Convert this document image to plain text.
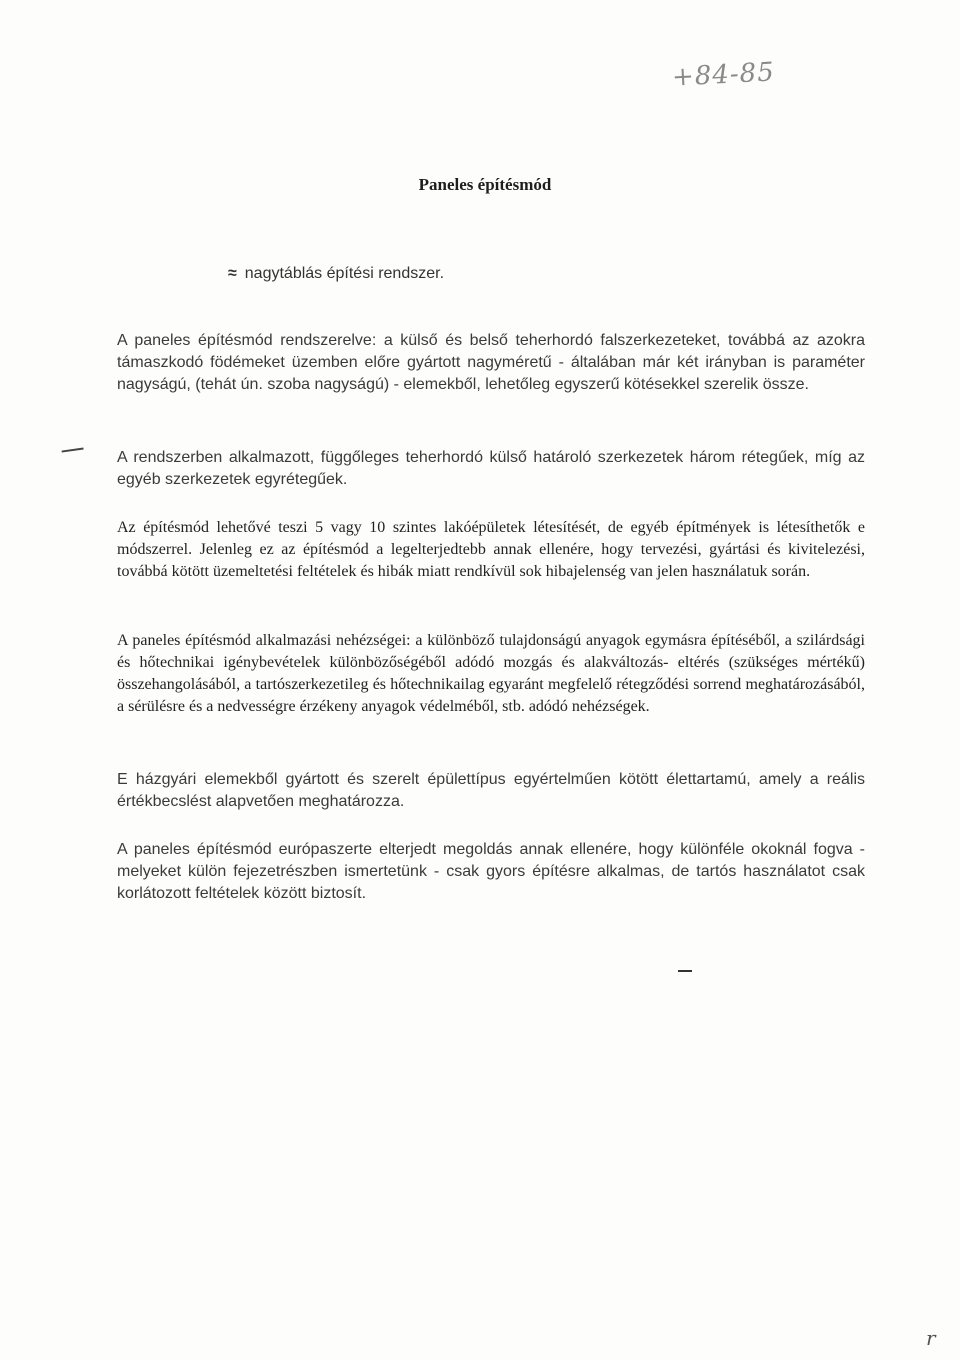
+84-85
Paneles építésmód
≈ nagytáblás építési rendszer.

A paneles építésmód rendszerelve: a külső és belső teherhordó falszerkezeteket, továbbá az azokra támaszkodó födémeket üzemben előre gyártott nagyméretű - általában már két irányban is paraméter nagyságú, (tehát ún. szoba nagyságú) - elemekből, lehetőleg egyszerű kötésekkel szerelik össze.

A rendszerben alkalmazott, függőleges teherhordó külső határoló szerkezetek három rétegűek, míg az egyéb szerkezetek egyrétegűek.

Az építésmód lehetővé teszi 5 vagy 10 szintes lakóépületek létesítését, de egyéb építmények is létesíthetők e módszerrel. Jelenleg ez az építésmód a legelterjedtebb annak ellenére, hogy tervezési, gyártási és kivitelezési, továbbá kötött üzemeltetési feltételek és hibák miatt rendkívül sok hibajelenség van jelen használatuk során.

A paneles építésmód alkalmazási nehézségei: a különböző tulajdonságú anyagok egymásra építéséből, a szilárdsági és hőtechnikai igénybevételek különbözőségéből adódó mozgás és alakváltozás- eltérés (szükséges mértékű) összehangolásából, a tartószerkezetileg és hőtechnikailag egyaránt megfelelő rétegződési sorrend meghatározásából, a sérülésre és a nedvességre érzékeny anyagok védelméből, stb. adódó nehézségek.

E házgyári elemekből gyártott és szerelt épülettípus egyértelműen kötött élettartamú, amely a reális értékbecslést alapvetően meghatározza.

A paneles építésmód európaszerte elterjedt megoldás annak ellenére, hogy különféle okoknál fogva - melyeket külön fejezetrészben ismertetünk - csak gyors építésre alkalmas, de tartós használatot csak korlátozott feltételek között biztosít.

r
